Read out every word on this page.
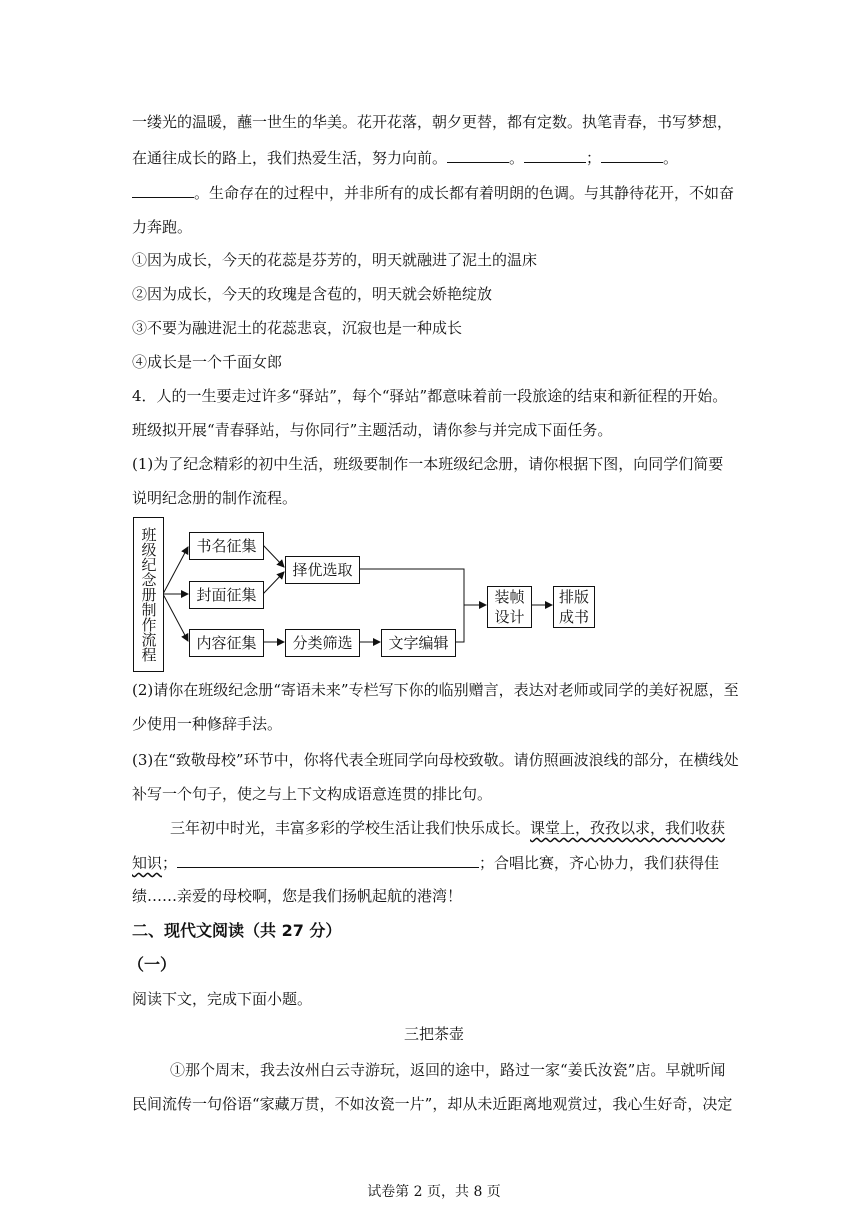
一缕光的温暖，蘸一世生的华美。花开花落，朝夕更替，都有定数。执笔青春，书写梦想，
在通往成长的路上，我们热爱生活，努力向前。	。	；	。
。生命存在的过程中，并非所有的成长都有着明朗的色调。与其静待花开，不如奋
力奔跑。
①因为成长，今天的花蕊是芬芳的，明天就融进了泥土的温床
②因为成长，今天的玫瑰是含苞的，明天就会娇艳绽放
③不要为融进泥土的花蕊悲哀，沉寂也是一种成长
④成长是一个千面女郎
4．人的一生要走过许多“驿站”，每个“驿站”都意味着前一段旅途的结束和新征程的开始。
班级拟开展“青春驿站，与你同行”主题活动，请你参与并完成下面任务。
(1)为了纪念精彩的初中生活，班级要制作一本班级纪念册，请你根据下图，向同学们简要
说明纪念册的制作流程。
班级纪念册制作流程	书名征集
封面征集
内容征集
择优选取
分类筛选	文字编辑
装帧
设计
排版
成书
(2)请你在班级纪念册“寄语未来”专栏写下你的临别赠言，表达对老师或同学的美好祝愿，至
少使用一种修辞手法。
(3)在“致敬母校”环节中，你将代表全班同学向母校致敬。请仿照画波浪线的部分，在横线处
补写一个句子，使之与上下文构成语意连贯的排比句。
三年初中时光，丰富多彩的学校生活让我们快乐成长。课堂上，孜孜以求，我们收获
知识；	；合唱比赛，齐心协力，我们获得佳
绩……亲爱的母校啊，您是我们扬帆起航的港湾！
二、现代文阅读（共 27 分）
（一）
阅读下文，完成下面小题。
三把茶壶
①那个周末，我去汝州白云寺游玩，返回的途中，路过一家“姜氏汝瓷”店。早就听闻
民间流传一句俗语“家藏万贯，不如汝瓷一片”，却从未近距离地观赏过，我心生好奇，决定
试卷第 2 页，共 8 页
